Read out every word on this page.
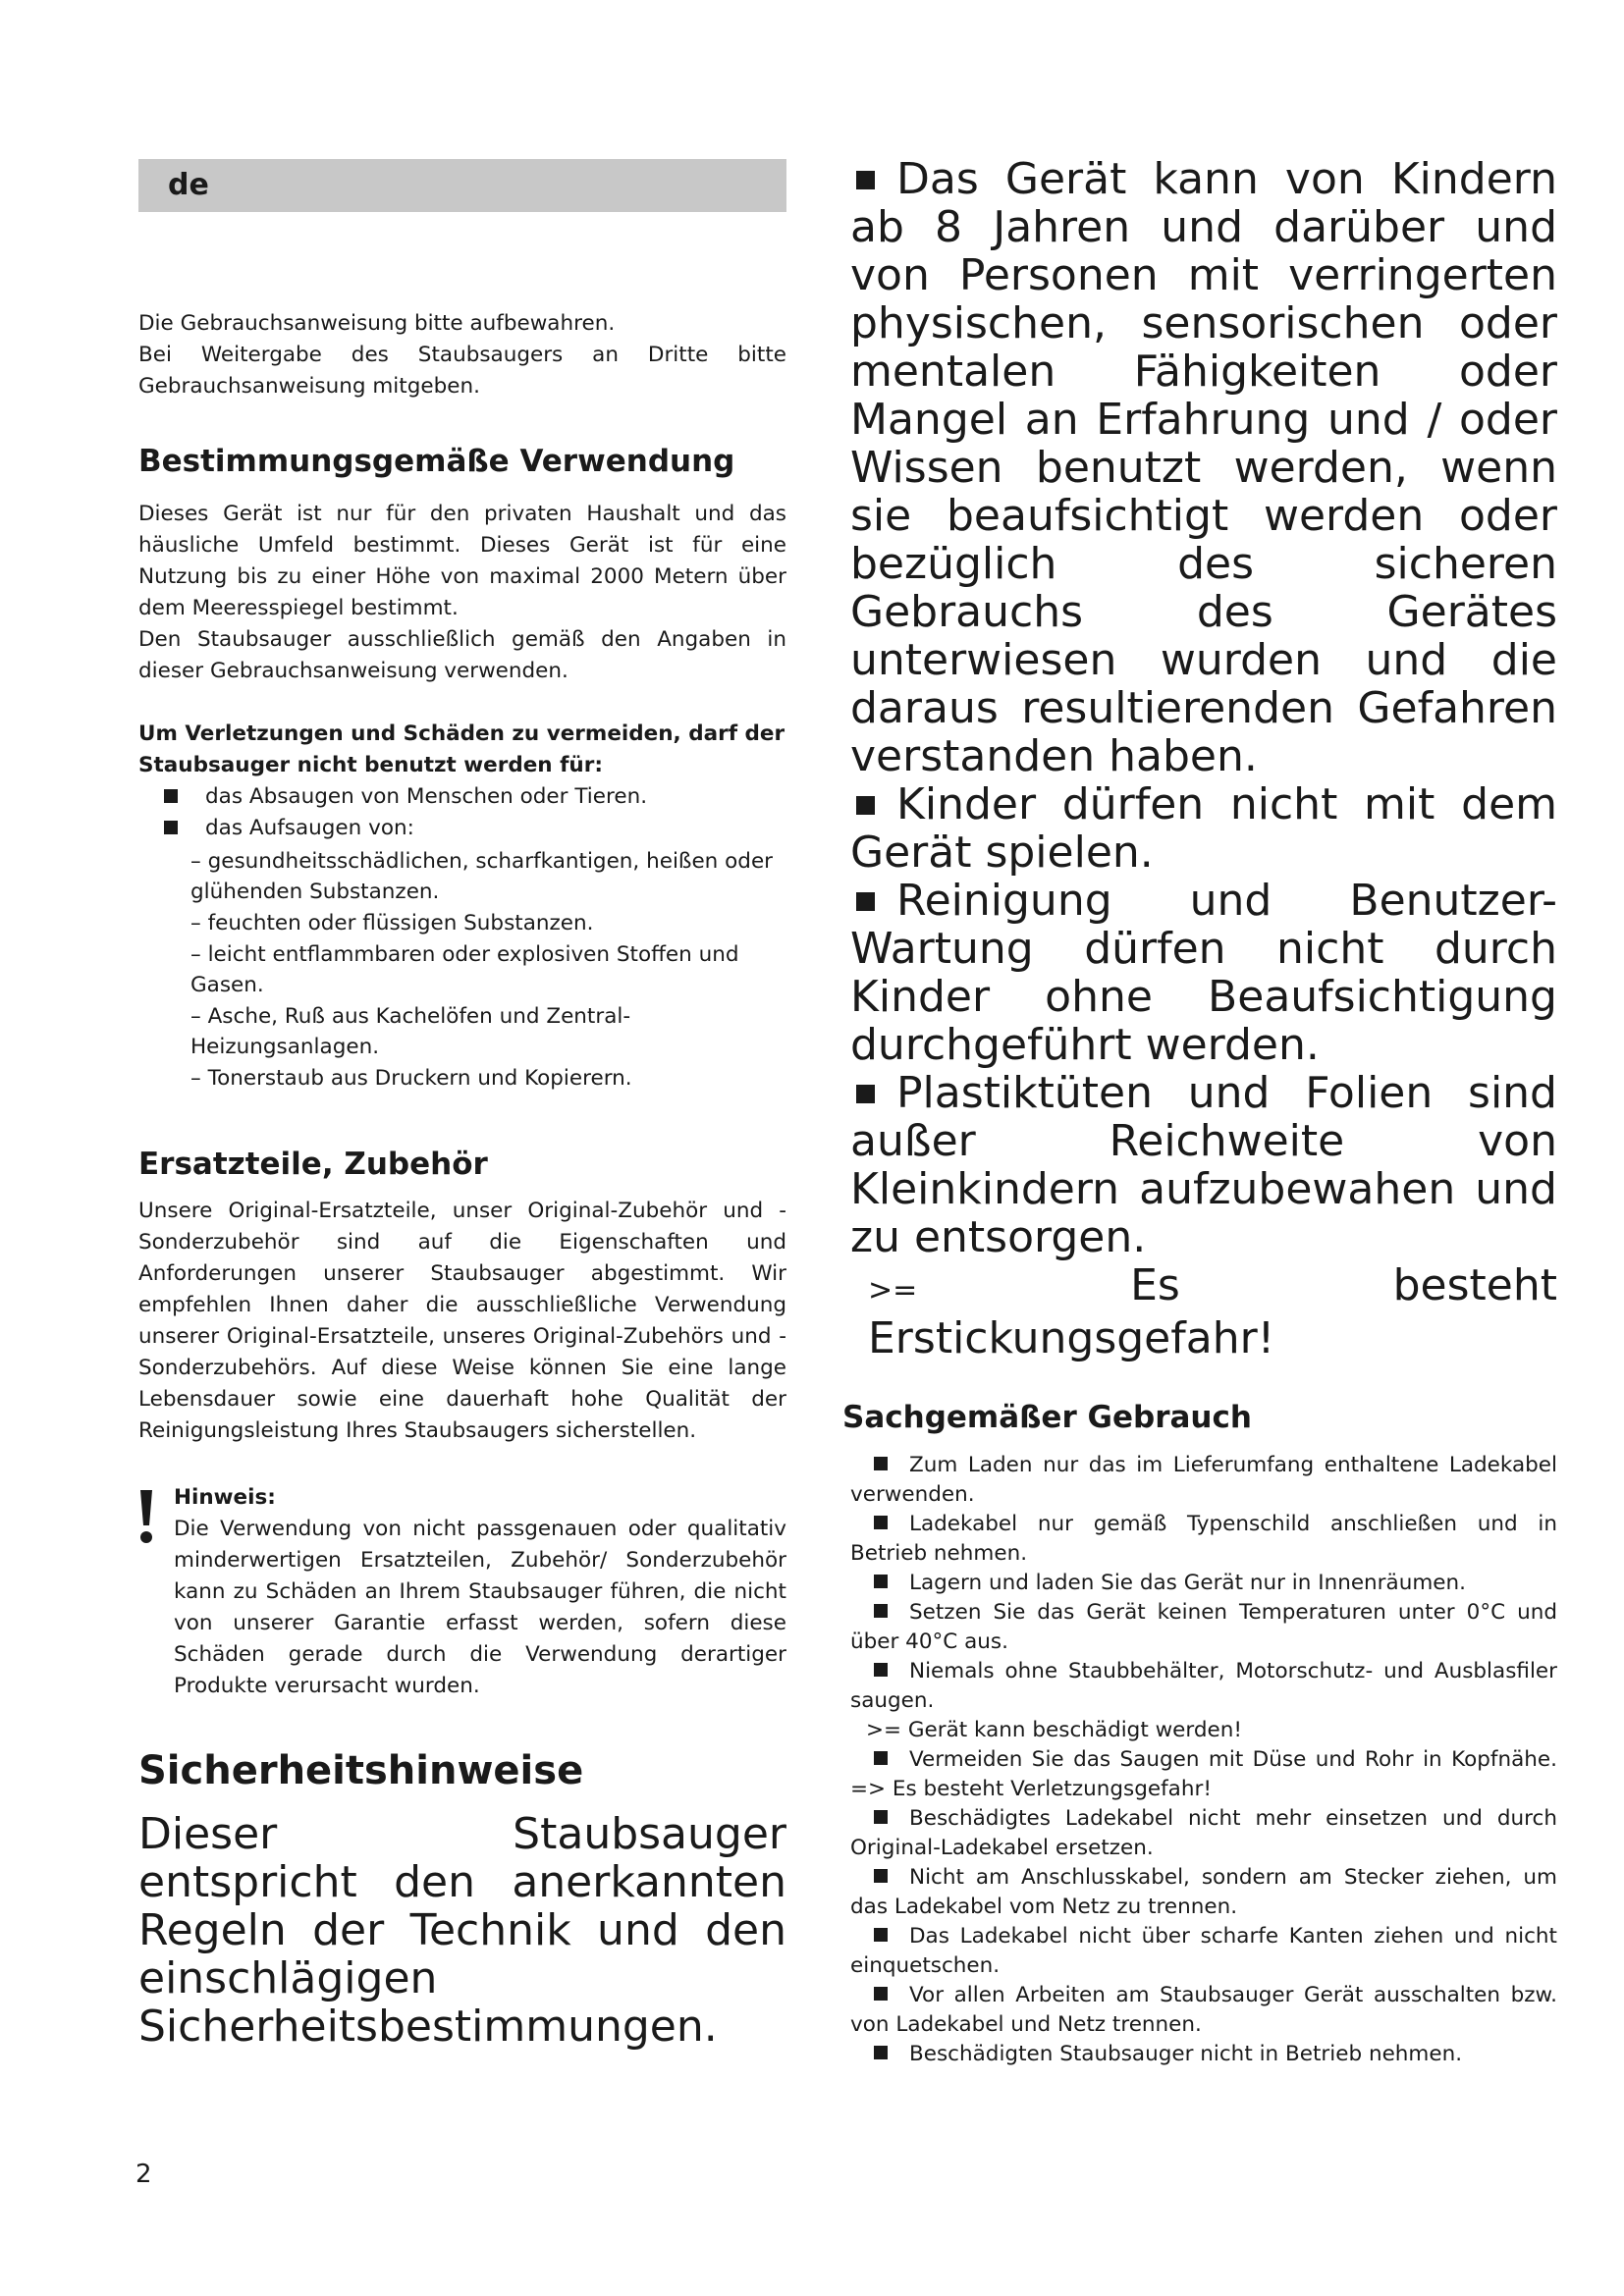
de

Die Gebrauchsanweisung bitte aufbewahren.

Bei Weitergabe des Staubsaugers an Dritte bitte Gebrauchsanweisung mitgeben.

Bestimmungsgemäße Verwendung

Dieses Gerät ist nur für den privaten Haushalt und das häusliche Umfeld bestimmt. Dieses Gerät ist für eine Nutzung bis zu einer Höhe von maximal 2000 Metern über dem Meeresspiegel bestimmt.

Den Staubsauger ausschließlich gemäß den Angaben in dieser Gebrauchsanweisung verwenden.

Um Verletzungen und Schäden zu vermeiden, darf der Staubsauger nicht benutzt werden für:

das Absaugen von Menschen oder Tieren.
das Aufsaugen von:
– gesundheitsschädlichen, scharfkantigen, heißen oder glühenden Substanzen.
– feuchten oder flüssigen Substanzen.
– leicht entflammbaren oder explosiven Stoffen und Gasen.
– Asche, Ruß aus Kachelöfen und Zentral- Heizungsanlagen.
– Tonerstaub aus Druckern und Kopierern.
Ersatzteile, Zubehör

Unsere Original-Ersatzteile, unser Original-Zubehör und -Sonderzubehör sind auf die Eigenschaften und Anforderungen unserer Staubsauger abgestimmt. Wir empfehlen Ihnen daher die ausschließliche Verwendung unserer Original-Ersatzteile, unseres Original-Zubehörs und -Sonderzubehörs. Auf diese Weise können Sie eine lange Lebensdauer sowie eine dauerhaft hohe Qualität der Reinigungsleistung Ihres Staubsaugers sicherstellen.

Hinweis:
Die Verwendung von nicht passgenauen oder qualitativ minderwertigen Ersatzteilen, Zubehör/ Sonderzubehör kann zu Schäden an Ihrem Staubsauger führen, die nicht von unserer Garantie erfasst werden, sofern diese Schäden gerade durch die Verwendung derartiger Produkte verursacht wurden.
Sicherheitshinweise

Dieser Staubsauger entspricht den anerkannten Regeln der Technik und den einschlägigen Sicherheitsbestimmungen.

Das Gerät kann von Kindern ab 8 Jahren und darüber und von Personen mit verringerten physischen, sensorischen oder mentalen Fähigkeiten oder Mangel an Erfahrung und / oder Wissen benutzt werden, wenn sie beaufsichtigt werden oder bezüglich des sicheren Gebrauchs des Gerätes unterwiesen wurden und die daraus resultierenden Gefahren verstanden haben.
Kinder dürfen nicht mit dem Gerät spielen.
Reinigung und Benutzer-Wartung dürfen nicht durch Kinder ohne Beaufsichtigung durchgeführt werden.
Plastiktüten und Folien sind außer Reichweite von Kleinkindern aufzubewahen und zu entsorgen.
>=	Es besteht Erstickungsgefahr!
Sachgemäßer Gebrauch
Zum Laden nur das im Lieferumfang enthaltene Ladekabel verwenden.
Ladekabel nur gemäß Typenschild anschließen und in Betrieb nehmen.
Lagern und laden Sie das Gerät nur in Innenräumen.
Setzen Sie das Gerät keinen Temperaturen unter 0°C und über 40°C aus.
Niemals ohne Staubbehälter, Motorschutz- und Ausblasfiler saugen.
>= Gerät kann beschädigt werden!
Vermeiden Sie das Saugen mit Düse und Rohr in Kopfnähe. => Es besteht Verletzungsgefahr!
Beschädigtes Ladekabel nicht mehr einsetzen und durch Original-Ladekabel ersetzen.
Nicht am Anschlusskabel, sondern am Stecker ziehen, um das Ladekabel vom Netz zu trennen.
Das Ladekabel nicht über scharfe Kanten ziehen und nicht einquetschen.
Vor allen Arbeiten am Staubsauger Gerät ausschalten bzw. von Ladekabel und Netz trennen.
Beschädigten Staubsauger nicht in Betrieb nehmen.
2
